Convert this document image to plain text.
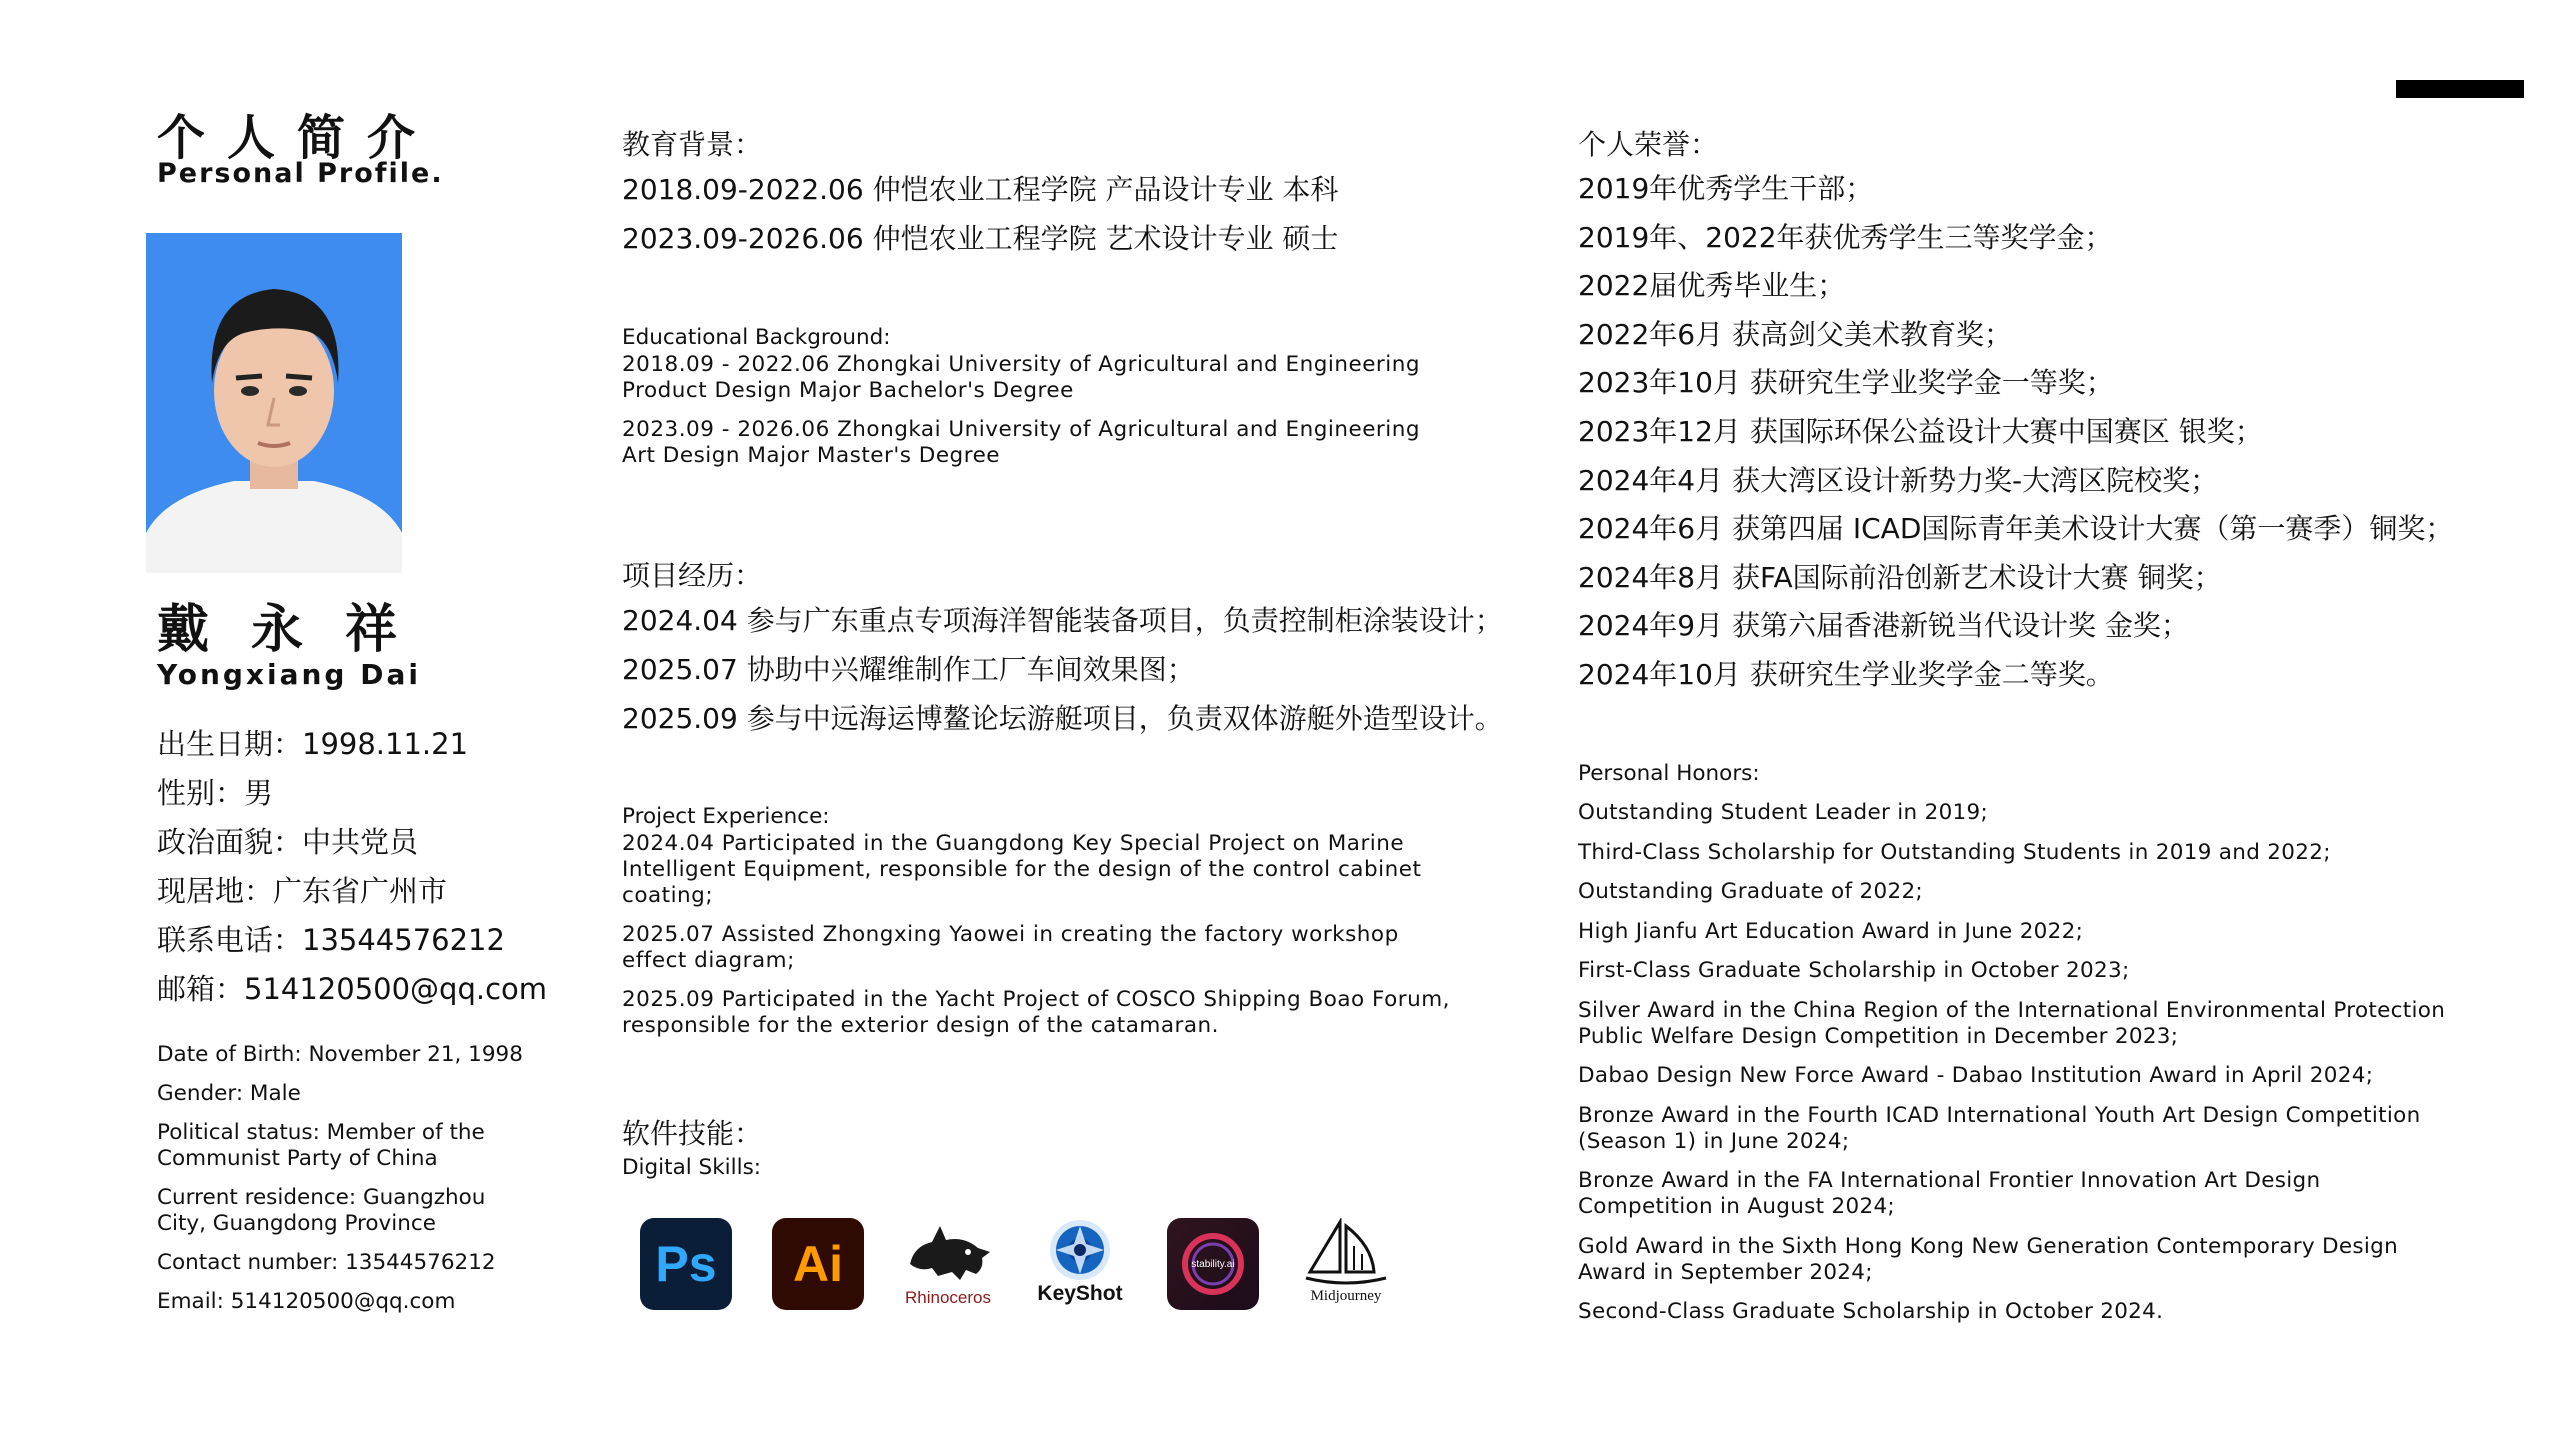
个人简介
Personal Profile.
戴永祥
Yongxiang Dai
出生日期：1998.11.21
性别：男
政治面貌：中共党员
现居地：广东省广州市
联系电话：13544576212
邮箱：514120500@qq.com
Date of Birth: November 21, 1998
Gender: Male
Political status: Member of the Communist Party of China
Current residence: Guangzhou City, Guangdong Province
Contact number: 13544576212
Email: 514120500@qq.com
教育背景：
2018.09-2022.06 仲恺农业工程学院 产品设计专业 本科
2023.09-2026.06 仲恺农业工程学院 艺术设计专业 硕士
Educational Background:
2018.09 - 2022.06 Zhongkai University of Agricultural and Engineering Product Design Major Bachelor's Degree
2023.09 - 2026.06 Zhongkai University of Agricultural and Engineering Art Design Major Master's Degree
项目经历：
2024.04 参与广东重点专项海洋智能装备项目，负责控制柜涂装设计；
2025.07 协助中兴耀维制作工厂车间效果图；
2025.09 参与中远海运博鳌论坛游艇项目，负责双体游艇外造型设计。
Project Experience:
2024.04 Participated in the Guangdong Key Special Project on Marine Intelligent Equipment, responsible for the design of the control cabinet coating;
2025.07 Assisted Zhongxing Yaowei in creating the factory workshop effect diagram;
2025.09 Participated in the Yacht Project of COSCO Shipping Boao Forum, responsible for the exterior design of the catamaran.
软件技能：
Digital Skills:
Ps	Ai
Rhinoceros	KeyShot
stability.ai
Midjourney
个人荣誉：
2019年优秀学生干部；
2019年、2022年获优秀学生三等奖学金；
2022届优秀毕业生；
2022年6月 获高剑父美术教育奖；
2023年10月 获研究生学业奖学金一等奖；
2023年12月 获国际环保公益设计大赛中国赛区 银奖；
2024年4月 获大湾区设计新势力奖-大湾区院校奖；
2024年6月 获第四届 ICAD国际青年美术设计大赛（第一赛季）铜奖；
2024年8月 获FA国际前沿创新艺术设计大赛 铜奖；
2024年9月 获第六届香港新锐当代设计奖 金奖；
2024年10月 获研究生学业奖学金二等奖。
Personal Honors:
Outstanding Student Leader in 2019;
Third-Class Scholarship for Outstanding Students in 2019 and 2022;
Outstanding Graduate of 2022;
High Jianfu Art Education Award in June 2022;
First-Class Graduate Scholarship in October 2023;
Silver Award in the China Region of the International Environmental Protection Public Welfare Design Competition in December 2023;
Dabao Design New Force Award - Dabao Institution Award in April 2024;
Bronze Award in the Fourth ICAD International Youth Art Design Competition (Season 1) in June 2024;
Bronze Award in the FA International Frontier Innovation Art Design Competition in August 2024;
Gold Award in the Sixth Hong Kong New Generation Contemporary Design Award in September 2024;
Second-Class Graduate Scholarship in October 2024.
